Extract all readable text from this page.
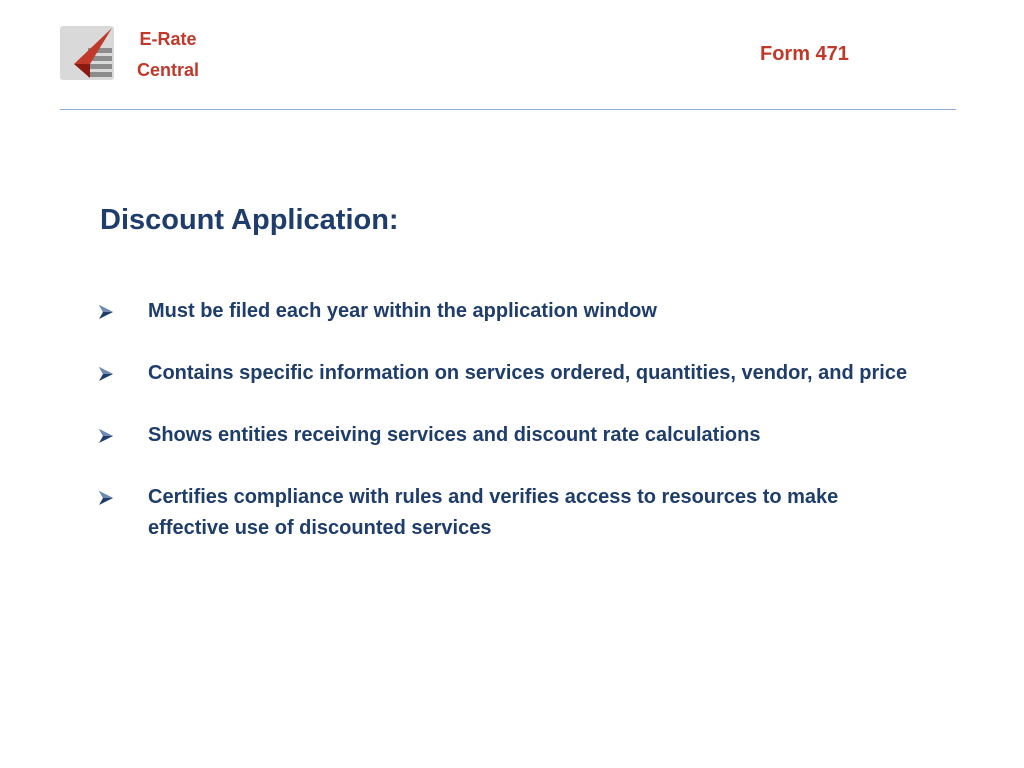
E-Rate
Central
Form 471
Discount Application:
Must be filed each year within the application window
Contains specific information on services ordered, quantities, vendor, and price
Shows entities receiving services and discount rate calculations
Certifies compliance with rules and verifies access to resources to make effective use of discounted services
